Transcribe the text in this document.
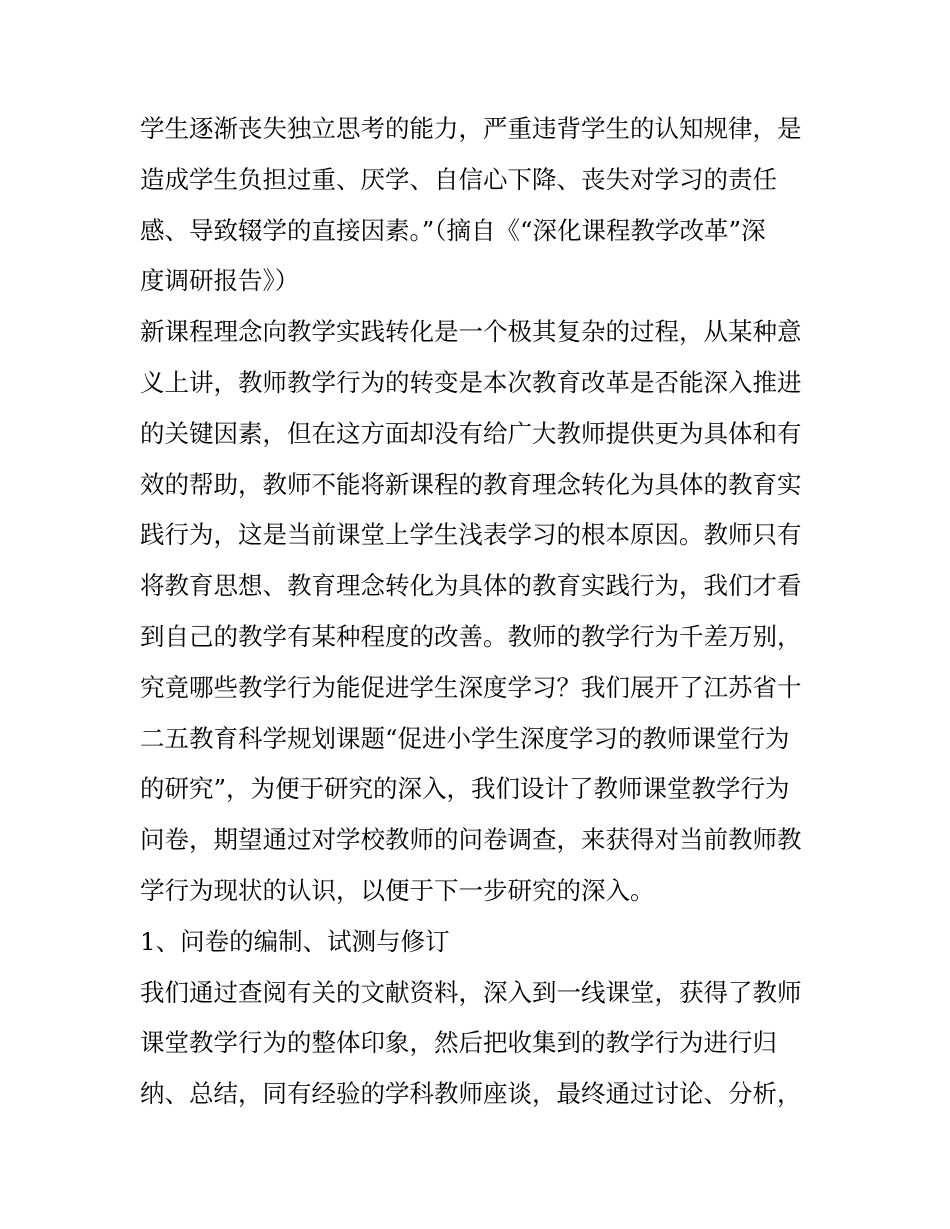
学生逐渐丧失独立思考的能力，严重违背学生的认知规律，是
造成学生负担过重、厌学、自信心下降、丧失对学习的责任
感、导致辍学的直接因素。”（摘自《“深化课程教学改革”深
度调研报告》）
新课程理念向教学实践转化是一个极其复杂的过程，从某种意
义上讲，教师教学行为的转变是本次教育改革是否能深入推进
的关键因素，但在这方面却没有给广大教师提供更为具体和有
效的帮助，教师不能将新课程的教育理念转化为具体的教育实
践行为，这是当前课堂上学生浅表学习的根本原因。教师只有
将教育思想、教育理念转化为具体的教育实践行为，我们才看
到自己的教学有某种程度的改善。教师的教学行为千差万别，
究竟哪些教学行为能促进学生深度学习？我们展开了江苏省十
二五教育科学规划课题“促进小学生深度学习的教师课堂行为
的研究”，为便于研究的深入，我们设计了教师课堂教学行为
问卷，期望通过对学校教师的问卷调查，来获得对当前教师教
学行为现状的认识，以便于下一步研究的深入。
1、问卷的编制、试测与修订
我们通过查阅有关的文献资料，深入到一线课堂，获得了教师
课堂教学行为的整体印象，然后把收集到的教学行为进行归
纳、总结，同有经验的学科教师座谈，最终通过讨论、分析，
